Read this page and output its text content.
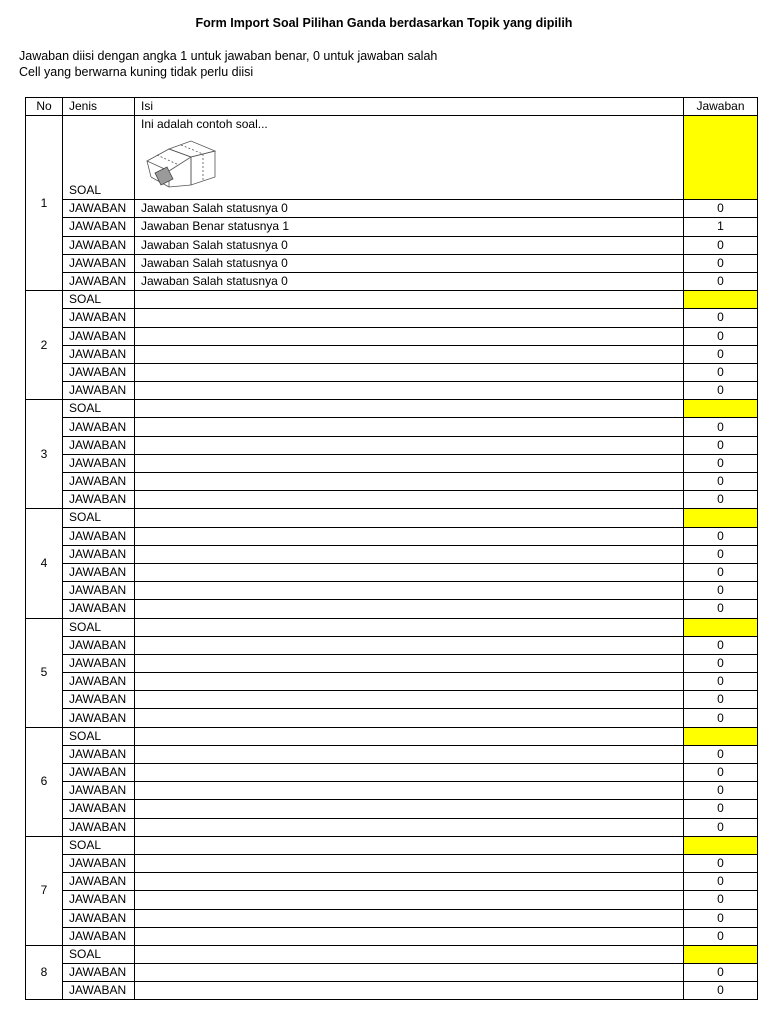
Form Import Soal Pilihan Ganda berdasarkan Topik yang dipilih
Jawaban diisi dengan angka 1 untuk jawaban benar, 0 untuk jawaban salah
Cell yang berwarna kuning tidak perlu diisi
No	Jenis	Isi	Jawaban
1	SOAL	Ini adalah contoh soal...

	JAWABAN	Jawaban Salah statusnya 0	0
	JAWABAN	Jawaban Benar statusnya 1	1
	JAWABAN	Jawaban Salah statusnya 0	0
	JAWABAN	Jawaban Salah statusnya 0	0
	JAWABAN	Jawaban Salah statusnya 0	0
2	SOAL		
	JAWABAN		0
	JAWABAN		0
	JAWABAN		0
	JAWABAN		0
	JAWABAN		0
3	SOAL		
	JAWABAN		0
	JAWABAN		0
	JAWABAN		0
	JAWABAN		0
	JAWABAN		0
4	SOAL		
	JAWABAN		0
	JAWABAN		0
	JAWABAN		0
	JAWABAN		0
	JAWABAN		0
5	SOAL		
	JAWABAN		0
	JAWABAN		0
	JAWABAN		0
	JAWABAN		0
	JAWABAN		0
6	SOAL		
	JAWABAN		0
	JAWABAN		0
	JAWABAN		0
	JAWABAN		0
	JAWABAN		0
7	SOAL		
	JAWABAN		0
	JAWABAN		0
	JAWABAN		0
	JAWABAN		0
	JAWABAN		0
8	SOAL		
	JAWABAN		0
	JAWABAN		0
